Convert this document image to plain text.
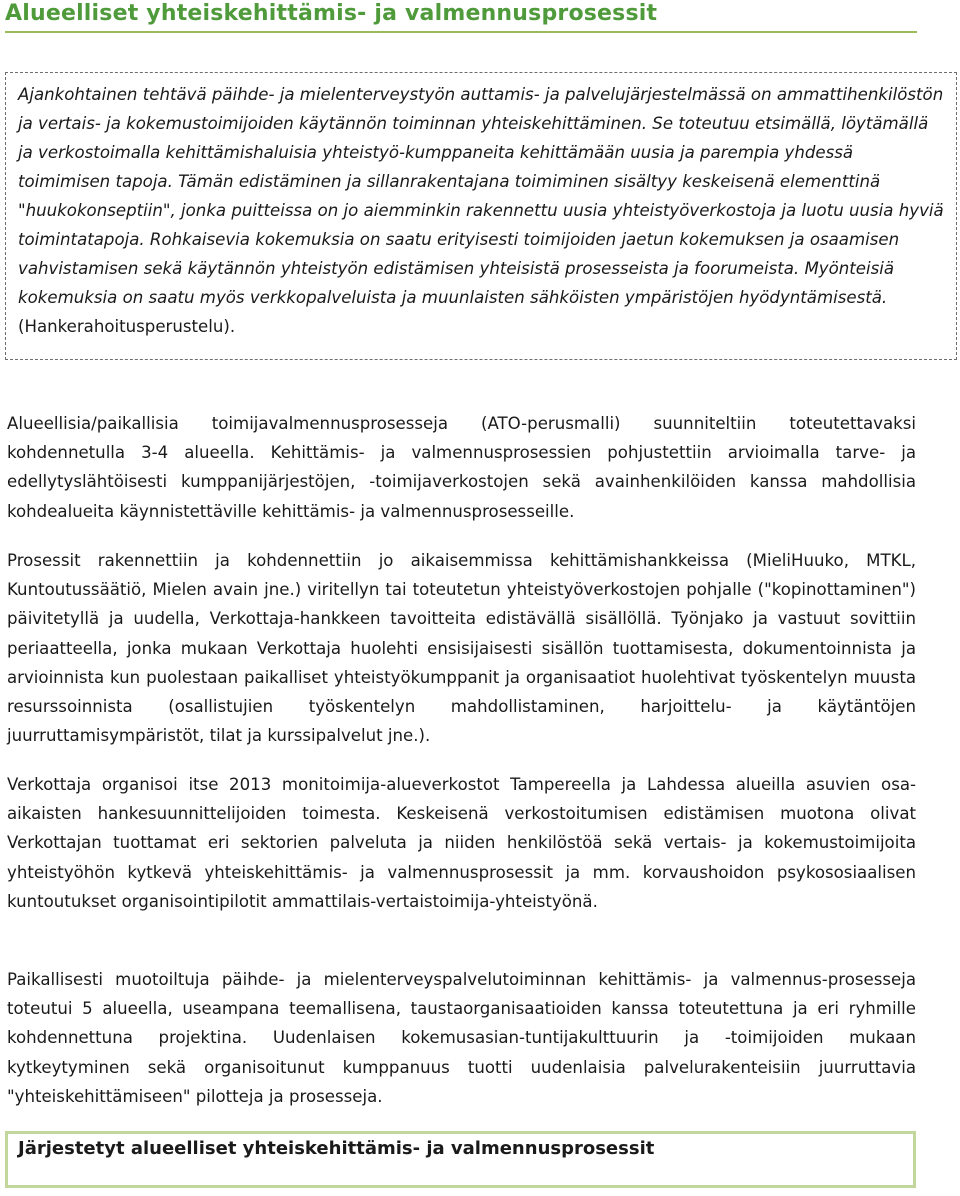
Alueelliset yhteiskehittämis- ja valmennusprosessit
Ajankohtainen tehtävä päihde- ja mielenterveystyön auttamis- ja palvelujärjestelmässä on ammattihenkilöstön ja vertais- ja kokemustoimijoiden käytännön toiminnan yhteiskehittäminen. Se toteutuu etsimällä, löytämällä ja verkostoimalla kehittämishaluisia yhteistyö-kumppaneita kehittämään uusia ja parempia yhdessä toimimisen tapoja. Tämän edistäminen ja sillanrakentajana toimiminen sisältyy keskeisenä elementtinä "huukokonseptiin", jonka puitteissa on jo aiemminkin rakennettu uusia yhteistyöverkostoja ja luotu uusia hyviä toimintatapoja. Rohkaisevia kokemuksia on saatu erityisesti toimijoiden jaetun kokemuksen ja osaamisen vahvistamisen sekä käytännön yhteistyön edistämisen yhteisistä prosesseista ja foorumeista. Myönteisiä kokemuksia on saatu myös verkkopalveluista ja muunlaisten sähköisten ympäristöjen hyödyntämisestä. (Hankerahoitusperustelu).

Alueellisia/paikallisia toimijavalmennusprosesseja (ATO-perusmalli) suunniteltiin toteutettavaksi kohdennetulla 3-4 alueella. Kehittämis- ja valmennusprosessien pohjustettiin arvioimalla tarve- ja edellytyslähtöisesti kumppanijärjestöjen, -toimijaverkostojen sekä avainhenkilöiden kanssa mahdollisia kohdealueita käynnistettäville kehittämis- ja valmennusprosesseille.

Prosessit rakennettiin ja kohdennettiin jo aikaisemmissa kehittämishankkeissa (MieliHuuko, MTKL, Kuntoutussäätiö, Mielen avain jne.) viritellyn tai toteutetun yhteistyöverkostojen pohjalle ("kopinottaminen") päivitetyllä ja uudella, Verkottaja-hankkeen tavoitteita edistävällä sisällöllä. Työnjako ja vastuut sovittiin periaatteella, jonka mukaan Verkottaja huolehti ensisijaisesti sisällön tuottamisesta, dokumentoinnista ja arvioinnista kun puolestaan paikalliset yhteistyökumppanit ja organisaatiot huolehtivat työskentelyn muusta resurssoinnista (osallistujien työskentelyn mahdollistaminen, harjoittelu- ja käytäntöjen juurruttamisympäristöt, tilat ja kurssipalvelut jne.).

Verkottaja organisoi itse 2013 monitoimija-alueverkostot Tampereella ja Lahdessa alueilla asuvien osa-aikaisten hankesuunnittelijoiden toimesta. Keskeisenä verkostoitumisen edistämisen muotona olivat Verkottajan tuottamat eri sektorien palveluta ja niiden henkilöstöä sekä vertais- ja kokemustoimijoita yhteistyöhön kytkevä yhteiskehittämis- ja valmennusprosessit ja mm. korvaushoidon psykososiaalisen kuntoutukset organisointipilotit ammattilais-vertaistoimija-yhteistyönä.

Paikallisesti muotoiltuja päihde- ja mielenterveyspalvelutoiminnan kehittämis- ja valmennus-prosesseja toteutui 5 alueella, useampana teemallisena, taustaorganisaatioiden kanssa toteutettuna ja eri ryhmille kohdennettuna projektina. Uudenlaisen kokemusasian-tuntijakulttuurin ja -toimijoiden mukaan kytkeytyminen sekä organisoitunut kumppanuus tuotti uudenlaisia palvelurakenteisiin juurruttavia "yhteiskehittämiseen" pilotteja ja prosesseja.

Järjestetyt alueelliset yhteiskehittämis- ja valmennusprosessit
